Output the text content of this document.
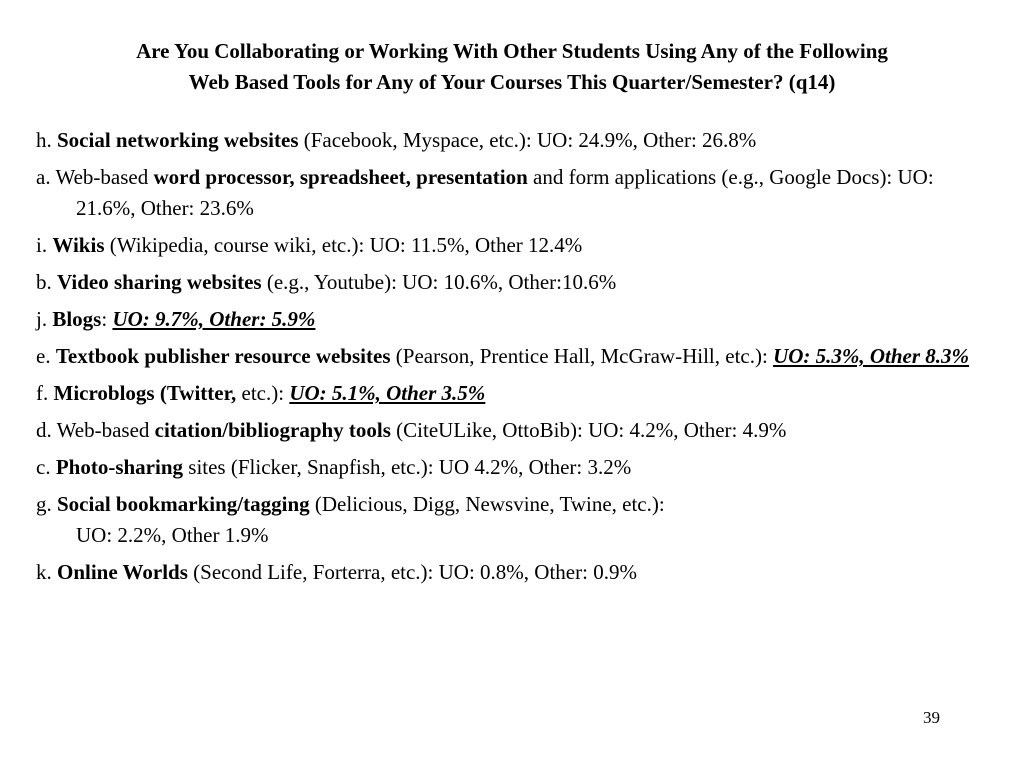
Are You Collaborating or Working With Other Students Using Any of the Following
Web Based Tools for Any of Your Courses This Quarter/Semester? (q14)
h. Social networking websites (Facebook, Myspace, etc.): UO: 24.9%, Other: 26.8%
a. Web-based word processor, spreadsheet, presentation and form applications (e.g., Google Docs): UO: 21.6%, Other: 23.6%
i. Wikis (Wikipedia, course wiki, etc.): UO: 11.5%, Other 12.4%
b. Video sharing websites (e.g., Youtube): UO: 10.6%, Other:10.6%
j. Blogs: UO: 9.7%, Other: 5.9%
e. Textbook publisher resource websites (Pearson, Prentice Hall, McGraw-Hill, etc.): UO: 5.3%, Other 8.3%
f. Microblogs (Twitter, etc.): UO: 5.1%, Other 3.5%
d. Web-based citation/bibliography tools (CiteULike, OttoBib): UO: 4.2%, Other: 4.9%
c. Photo-sharing sites (Flicker, Snapfish, etc.): UO 4.2%, Other: 3.2%
g. Social bookmarking/tagging (Delicious, Digg, Newsvine, Twine, etc.):
UO: 2.2%, Other 1.9%
k. Online Worlds (Second Life, Forterra, etc.): UO: 0.8%, Other: 0.9%
39
